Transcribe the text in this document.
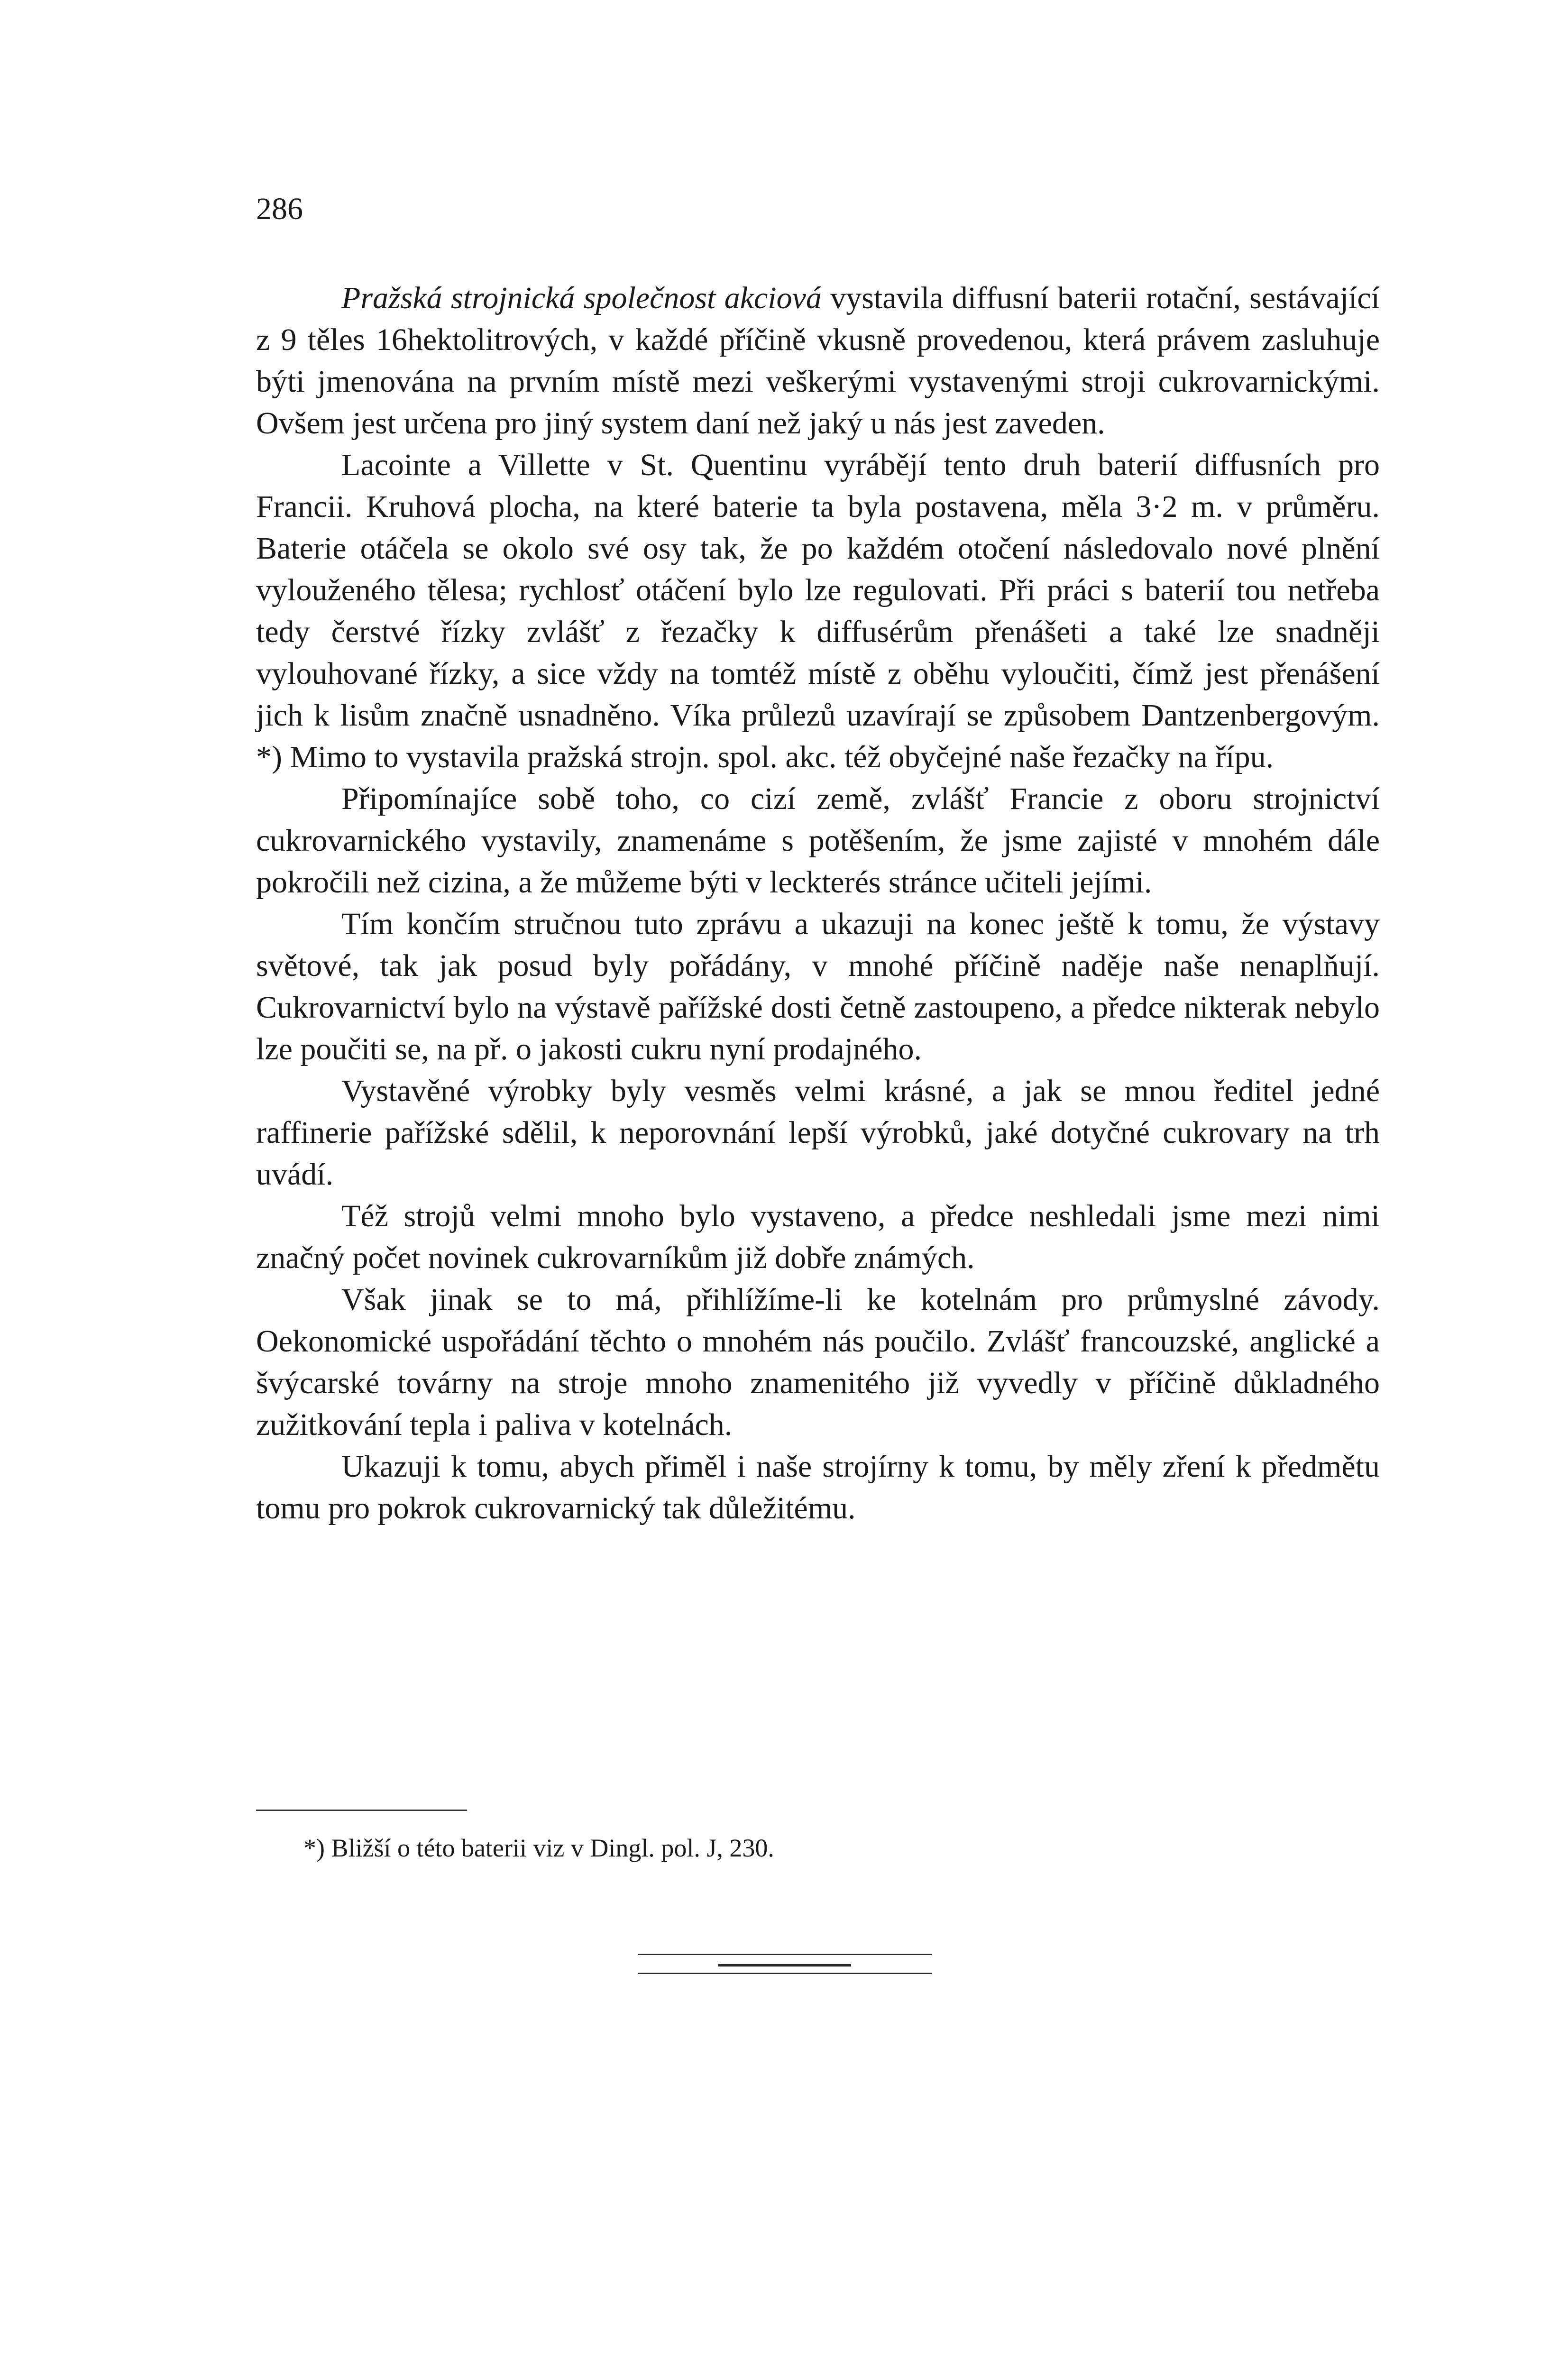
286

Pražská strojnická společnost akciová vystavila diffusní baterii rotační, sestávající z 9 těles 16hektolitrových, v každé příčině vkusně provedenou, která právem zasluhuje býti jmenována na prvním místě mezi veškerými vystavenými stroji cukrovarnickými. Ovšem jest určena pro jiný system daní než jaký u nás jest zaveden.

Lacointe a Villette v St. Quentinu vyrábějí tento druh baterií diffusních pro Francii. Kruhová plocha, na které baterie ta byla postavena, měla 3·2 m. v průměru. Baterie otáčela se okolo své osy tak, že po každém otočení následovalo nové plnění vylouženého tělesa; rychlosť otáčení bylo lze regulovati. Při práci s baterií tou netřeba tedy čerstvé řízky zvlášť z řezačky k diffusérům přenášeti a také lze snadněji vylouhované řízky, a sice vždy na tomtéž místě z oběhu vyloučiti, čímž jest přenášení jich k lisům značně usnadněno. Víka průlezů uzavírají se způsobem Dantzenbergovým. *) Mimo to vystavila pražská strojn. spol. akc. též obyčejné naše řezačky na řípu.

Připomínajíce sobě toho, co cizí země, zvlášť Francie z oboru strojnictví cukrovarnického vystavily, znamenáme s potěšením, že jsme zajisté v mnohém dále pokročili než cizina, a že můžeme býti v leckterés stránce učiteli jejími.

Tím končím stručnou tuto zprávu a ukazuji na konec ještě k tomu, že výstavy světové, tak jak posud byly pořádány, v mnohé příčině naděje naše nenaplňují. Cukrovarnictví bylo na výstavě pařížské dosti četně zastoupeno, a předce nikterak nebylo lze poučiti se, na př. o jakosti cukru nyní prodajného.

Vystavěné výrobky byly vesměs velmi krásné, a jak se mnou ředitel jedné raffinerie pařížské sdělil, k neporovnání lepší výrobků, jaké dotyčné cukrovary na trh uvádí.

Též strojů velmi mnoho bylo vystaveno, a předce neshledali jsme mezi nimi značný počet novinek cukrovarníkům již dobře známých.

Však jinak se to má, přihlížíme-li ke kotelnám pro průmyslné závody. Oekonomické uspořádání těchto o mnohém nás poučilo. Zvlášť francouzské, anglické a švýcarské továrny na stroje mnoho znamenitého již vyvedly v příčině důkladného zužitkování tepla i paliva v kotelnách.

Ukazuji k tomu, abych přiměl i naše strojírny k tomu, by měly zření k předmětu tomu pro pokrok cukrovarnický tak důležitému.

*) Bližší o této baterii viz v Dingl. pol. J, 230.
